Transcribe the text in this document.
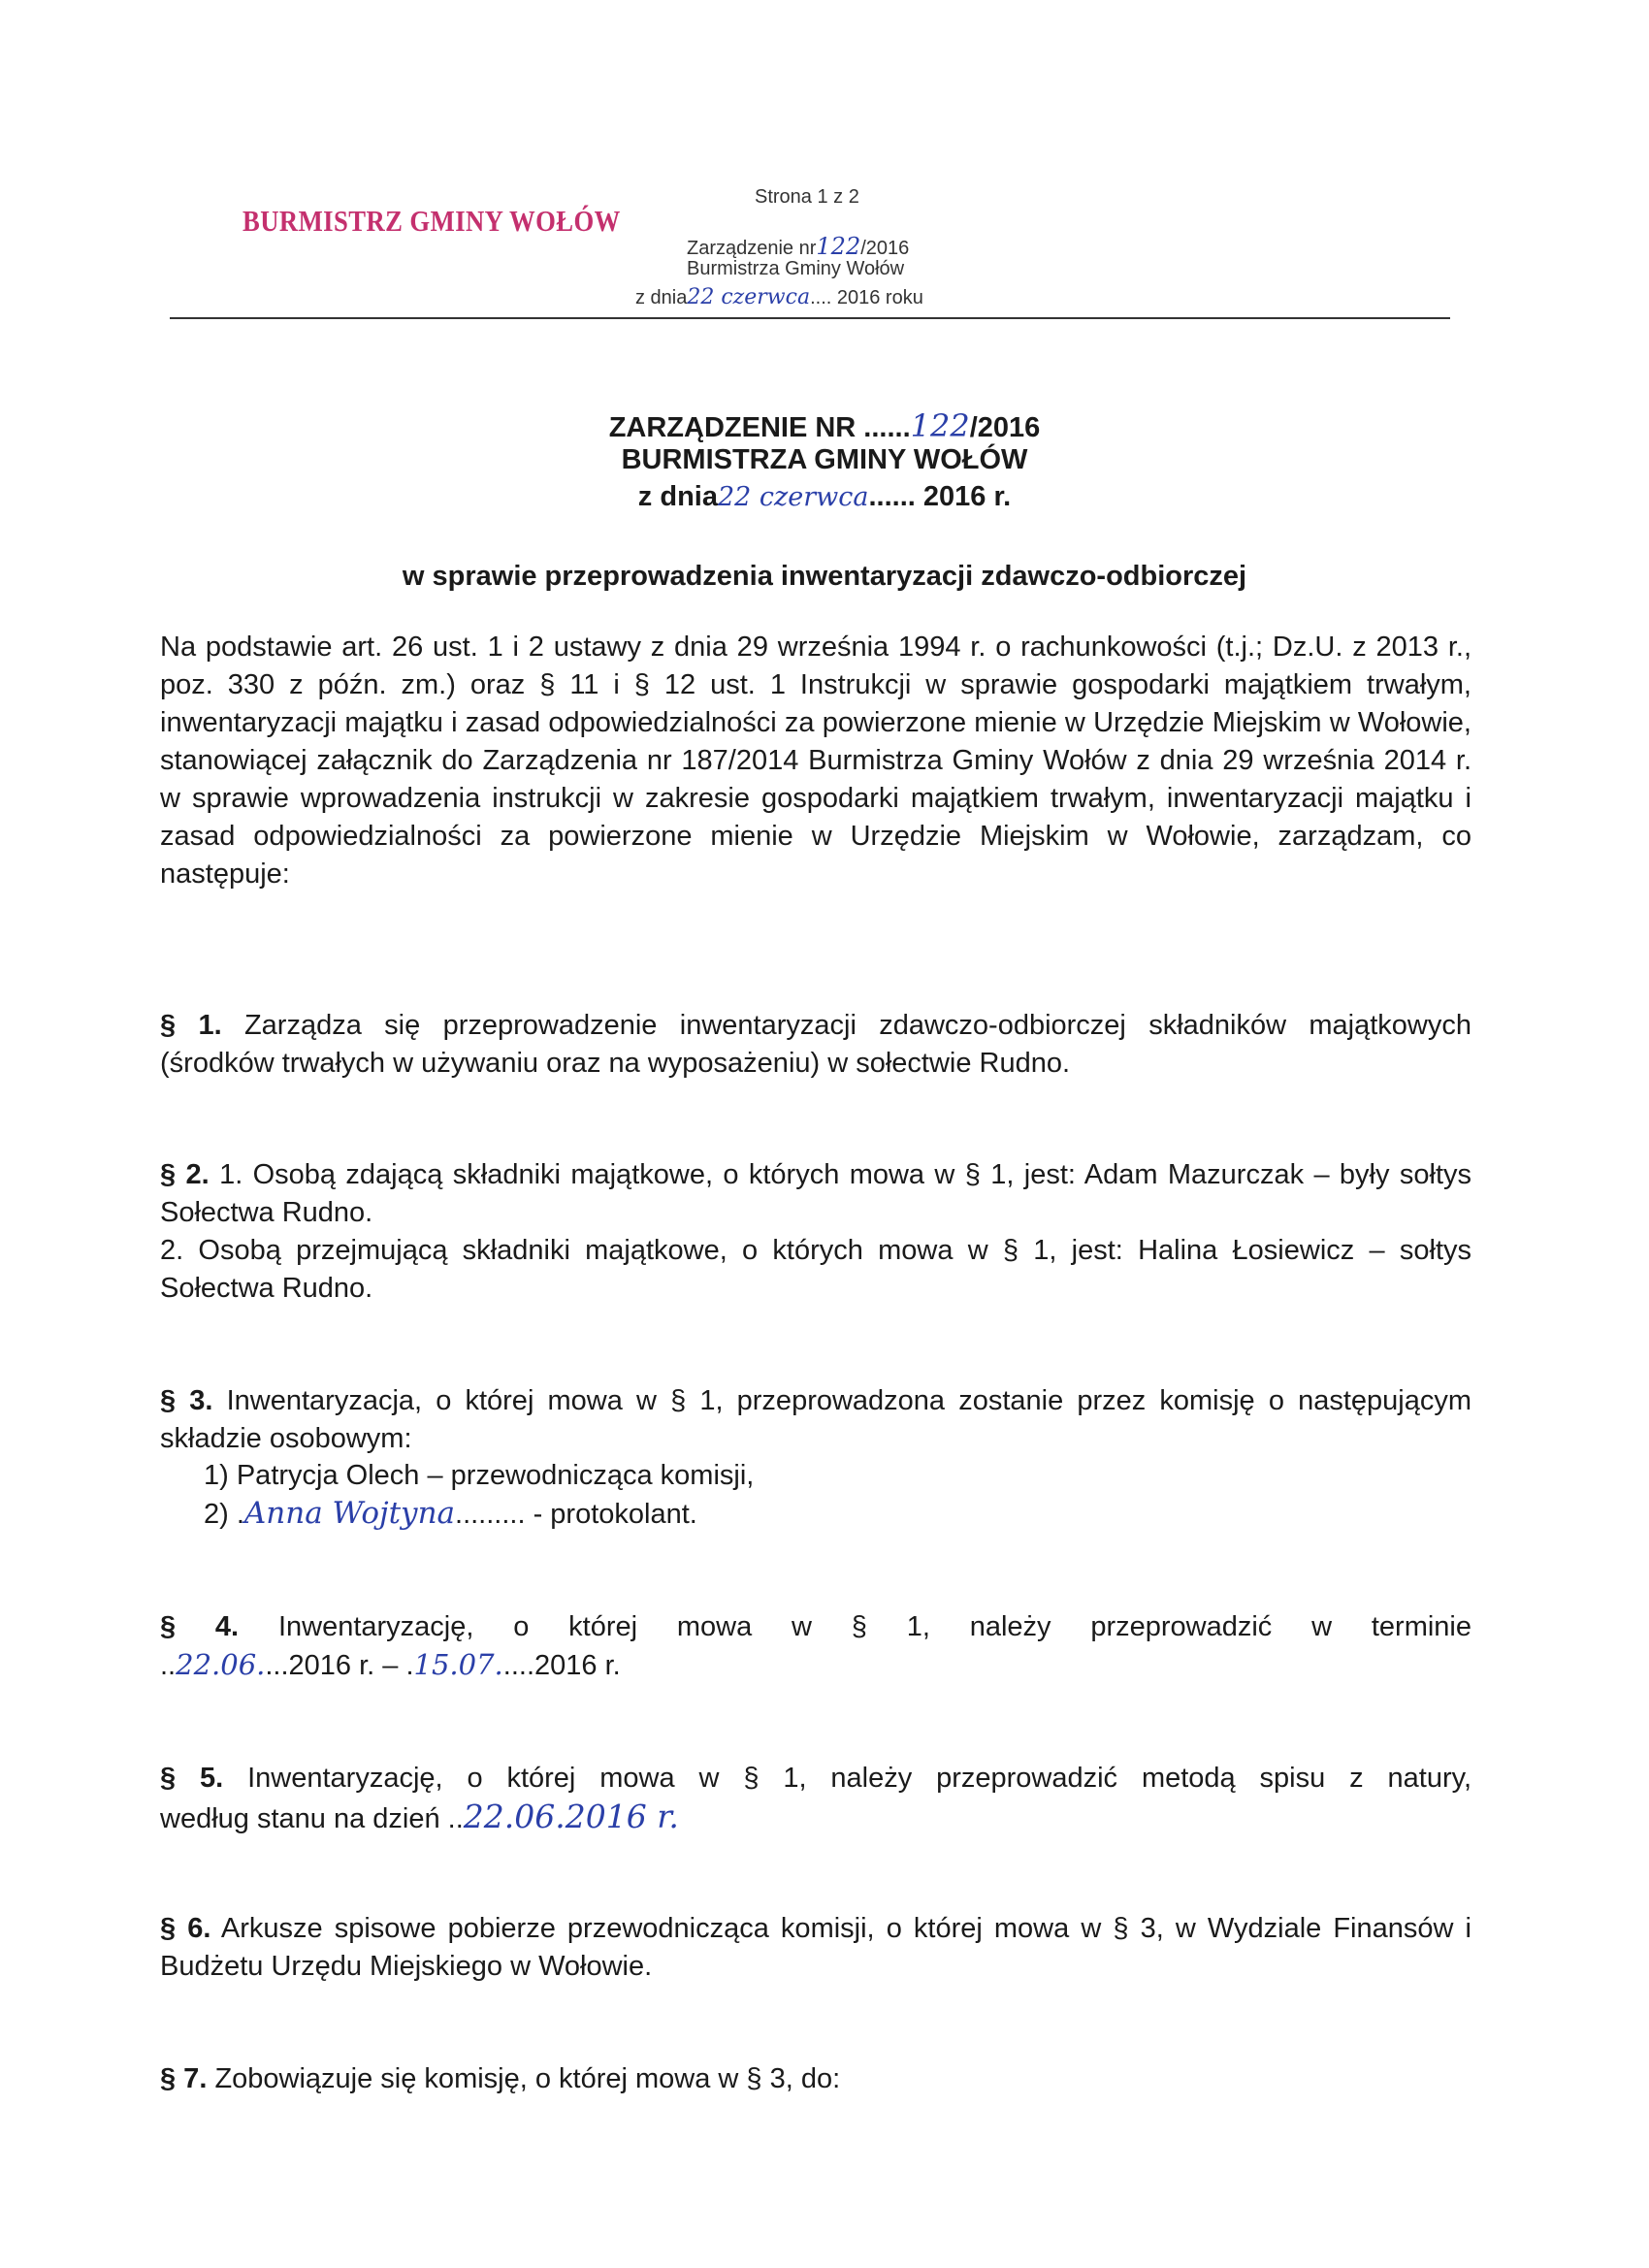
BURMISTRZ GMINY WOŁÓW
Strona 1 z 2
Zarządzenie nr122/2016
Burmistrza Gminy Wołów
z dnia22 czerwca.... 2016 roku
ZARZĄDZENIE NR ......122/2016
BURMISTRZA GMINY WOŁÓW
z dnia22 czerwca...... 2016 r.
w sprawie przeprowadzenia inwentaryzacji zdawczo-odbiorczej
Na podstawie art. 26 ust. 1 i 2 ustawy z dnia 29 września 1994 r. o rachunkowości (t.j.; Dz.U. z 2013 r., poz. 330 z późn. zm.) oraz § 11 i § 12 ust. 1 Instrukcji w sprawie gospodarki majątkiem trwałym, inwentaryzacji majątku i zasad odpowiedzialności za powierzone mienie w Urzędzie Miejskim w Wołowie, stanowiącej załącznik do Zarządzenia nr 187/2014 Burmistrza Gminy Wołów z dnia 29 września 2014 r. w sprawie wprowadzenia instrukcji w zakresie gospodarki majątkiem trwałym, inwentaryzacji majątku i zasad odpowiedzialności za powierzone mienie w Urzędzie Miejskim w Wołowie, zarządzam, co następuje:
§ 1. Zarządza się przeprowadzenie inwentaryzacji zdawczo-odbiorczej składników majątkowych (środków trwałych w używaniu oraz na wyposażeniu) w sołectwie Rudno.
§ 2. 1. Osobą zdającą składniki majątkowe, o których mowa w § 1, jest: Adam Mazurczak – były sołtys Sołectwa Rudno.
2. Osobą przejmującą składniki majątkowe, o których mowa w § 1, jest: Halina Łosiewicz – sołtys Sołectwa Rudno.
§ 3. Inwentaryzacja, o której mowa w § 1, przeprowadzona zostanie przez komisję o następującym składzie osobowym:
1) Patrycja Olech – przewodnicząca komisji,
2) .Anna Wojtyna......... - protokolant.
§ 4. Inwentaryzację, o której mowa w § 1, należy przeprowadzić w terminie
..22.06....2016 r. – .15.07.....2016 r.
§ 5. Inwentaryzację, o której mowa w § 1, należy przeprowadzić metodą spisu z natury,
według stanu na dzień ..22.06.2016 r.
§ 6. Arkusze spisowe pobierze przewodnicząca komisji, o której mowa w § 3, w Wydziale Finansów i Budżetu Urzędu Miejskiego w Wołowie.
§ 7. Zobowiązuje się komisję, o której mowa w § 3, do:
